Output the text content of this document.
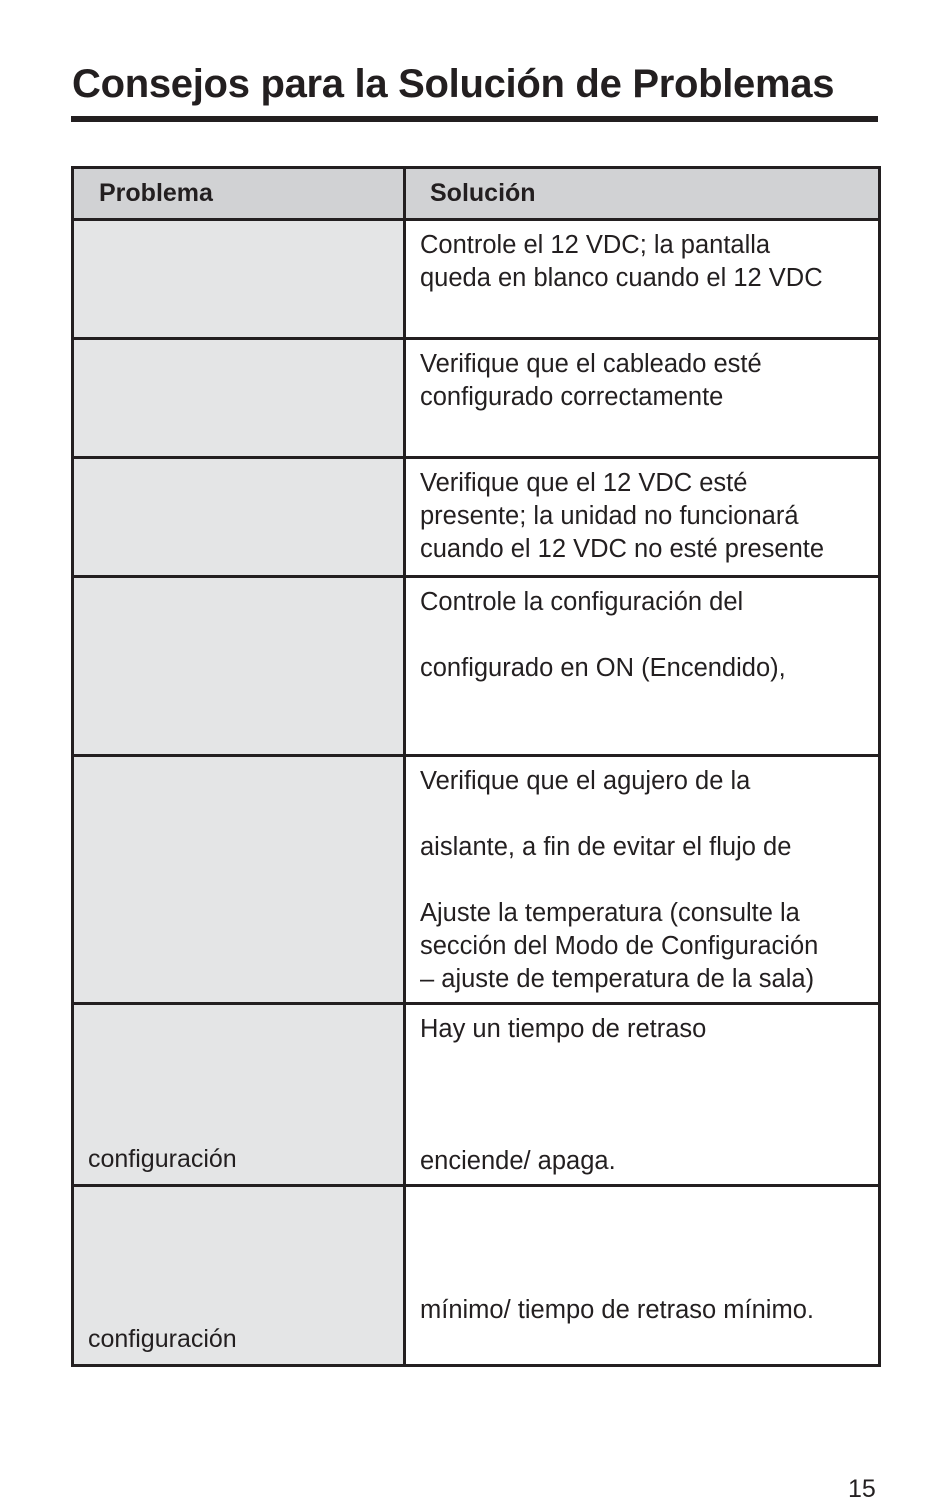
Consejos para la Solución de Problemas
Problema	Solución

	Controle el 12 VDC; la pantalla
queda en blanco cuando el 12 VDC

	Verifique que el cableado esté
configurado correctamente

	Verifique que el 12 VDC esté
presente; la unidad no funcionará
cuando el 12 VDC no esté presente

	Controle la configuración del
configurado en ON (Encendido),

	Verifique que el agujero de la
aislante, a fin de evitar el flujo de
Ajuste la temperatura (consulte la
sección del Modo de Configuración
– ajuste de temperatura de la sala)

configuración	Hay un tiempo de retraso
enciende/ apaga.

configuración	mínimo/ tiempo de retraso mínimo.
15
